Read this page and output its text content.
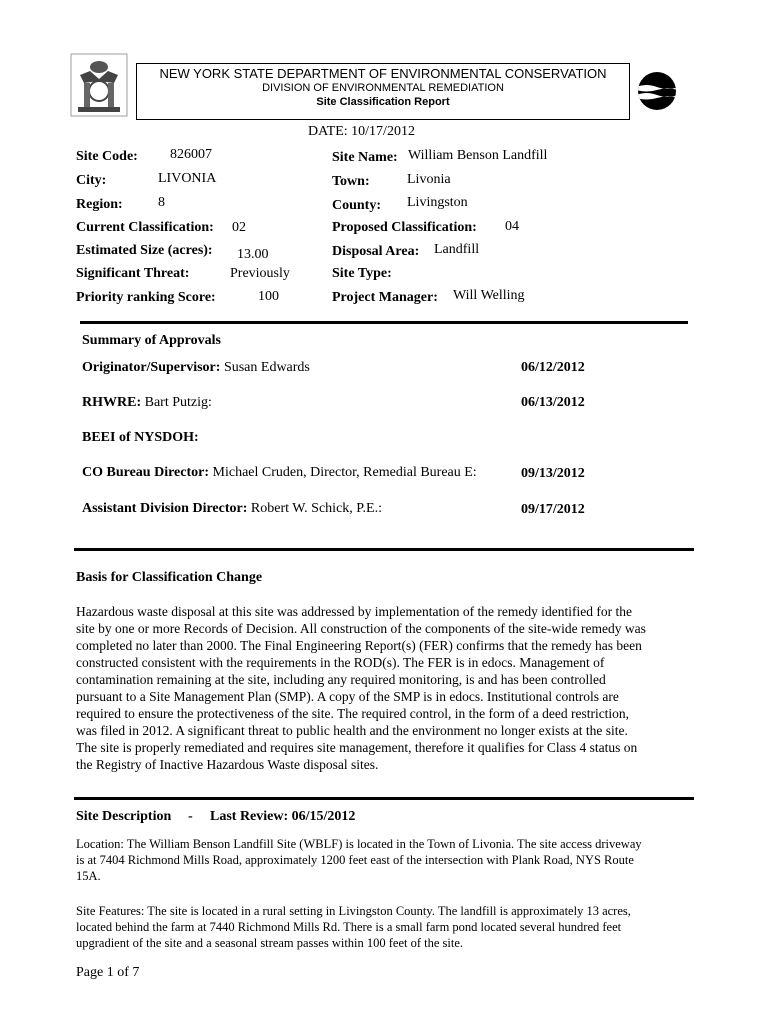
NEW YORK STATE DEPARTMENT OF ENVIRONMENTAL CONSERVATION
DIVISION OF ENVIRONMENTAL REMEDIATION
Site Classification Report
DATE: 10/17/2012
Site Code: 826007
City:	LIVONIA
Region:	8
Current Classification: 02
Estimated Size (acres): 13.00
Significant Threat:	Previously
Priority ranking Score:	100
Site Name: William Benson Landfill
Town:	Livonia
County: Livingston
Proposed Classification: 04
Disposal Area: Landfill
Site Type:
Project Manager: Will Welling
Summary of Approvals
Originator/Supervisor: Susan Edwards	06/12/2012
RHWRE: Bart Putzig:	06/13/2012
BEEI of NYSDOH:
CO Bureau Director: Michael Cruden, Director, Remedial Bureau E:	09/13/2012
Assistant Division Director: Robert W. Schick, P.E.:	09/17/2012
Basis for Classification Change
Hazardous waste disposal at this site was addressed by implementation of the remedy identified for the
site by one or more Records of Decision. All construction of the components of the site-wide remedy was
completed no later than 2000. The Final Engineering Report(s) (FER) confirms that the remedy has been
constructed consistent with the requirements in the ROD(s). The FER is in edocs. Management of
contamination remaining at the site, including any required monitoring, is and has been controlled
pursuant to a Site Management Plan (SMP). A copy of the SMP is in edocs. Institutional controls are
required to ensure the protectiveness of the site. The required control, in the form of a deed restriction,
was filed in 2012. A significant threat to public health and the environment no longer exists at the site.
The site is properly remediated and requires site management, therefore it qualifies for Class 4 status on
the Registry of Inactive Hazardous Waste disposal sites.
Site Description - Last Review: 06/15/2012
Location: The William Benson Landfill Site (WBLF) is located in the Town of Livonia. The site access driveway
is at 7404 Richmond Mills Road, approximately 1200 feet east of the intersection with Plank Road, NYS Route
15A.
Site Features: The site is located in a rural setting in Livingston County. The landfill is approximately 13 acres,
located behind the farm at 7440 Richmond Mills Rd. There is a small farm pond located several hundred feet
upgradient of the site and a seasonal stream passes within 100 feet of the site.
Page 1 of 7
